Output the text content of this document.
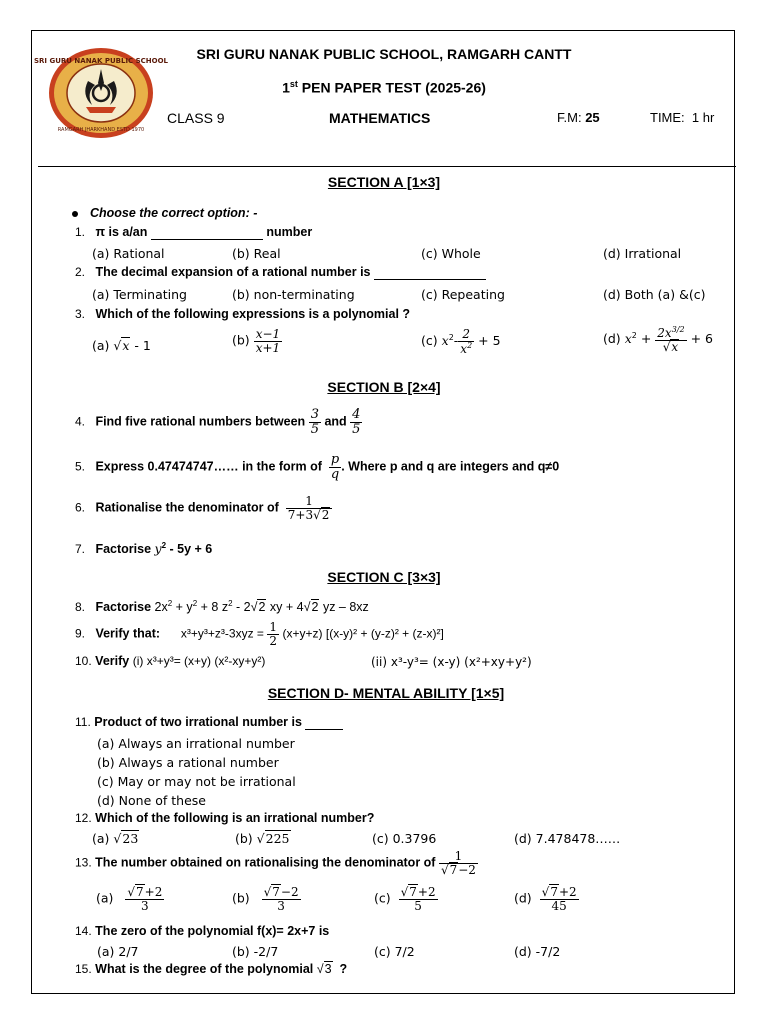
SRI GURU NANAK PUBLIC SCHOOL
RAMGARH JHARKHAND ESTD 1970
SRI GURU NANAK PUBLIC SCHOOL, RAMGARH CANTT
1st PEN PAPER TEST (2025-26)
CLASS 9	MATHEMATICS	F.M: 25	TIME: 1 hr
SECTION A [1×3]
Choose the correct option: -
1. π is a/an	number
(a) Rational	(b) Real	(c) Whole	(d) Irrational
2. The decimal expansion of a rational number is
(a) Terminating	(b) non-terminating	(c) Repeating	(d) Both (a) &(c)
3. Which of the following expressions is a polynomial ?
(a) √x - 1	$(b) \frac{x-1}{x+1}$	(c) $x^2- \frac{2}{x^2} + 5$	(d) $x^2 + \frac{2x^{3/2}}{√x} + 6$
SECTION B [2×4]
4. Find five rational numbers between $\frac{3}{5}$ and $\frac{4}{5}$
5. Express 0.47474747…… in the form of $\frac{p}{q}$ . Where p and q are integers and q≠0
6. Rationalise the denominator of $\frac{1}{7+3√2}$
7. Factorise $y^2 - 5y + 6$
SECTION C [3×3]
8. Factorise $2x^2 + y^2 + 8$ $z^2 - 2√2$ xy + 4√2 yz – 8xz
9. Verify that: $x^3+y^3+z^3-3xyz = \frac{1}{2} (x+y+z) [(x-y)^2 + (y-z)^2 + (z-x)^2]$
10. Verify (i) x³+y³= (x+y) (x²-xy+y²)	(ii) x³-y³= (x-y) (x²+xy+y²)
SECTION D- MENTAL ABILITY [1×5]
11. Product of two irrational number is
(a) Always an irrational number
(b) Always a rational number
(c) May or may not be irrational
(d) None of these
12. Which of the following is an irrational number?
(a) √23	(b) √225	(c) 0.3796	(d) 7.478478……
13. The number obtained on rationalising the denominator of $\frac{1}{√7-2}$
$(a) \frac{√7+2}{3}$	$(b) \frac{√7-2}{3}$	$(c) \frac{√7+2}{5}$	$(d) \frac{√7+2}{45}$
14. The zero of the polynomial f(x)= 2x+7 is
(a) 2/7	(b) -2/7	(c) 7/2	(d) -7/2
15. What is the degree of the polynomial √3 ?
